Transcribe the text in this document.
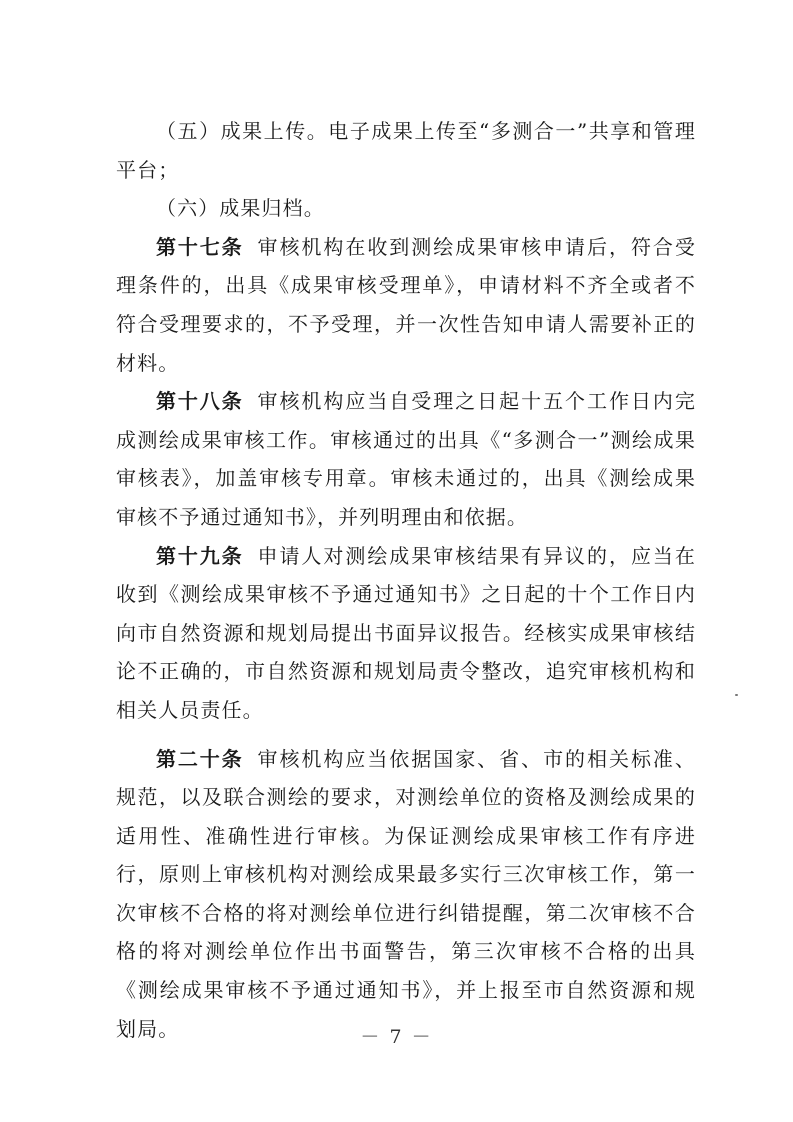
（五）成果上传。电子成果上传至“多测合一”共享和管理平台；

（六）成果归档。

第十七条 审核机构在收到测绘成果审核申请后，符合受理条件的，出具《成果审核受理单》，申请材料不齐全或者不符合受理要求的，不予受理，并一次性告知申请人需要补正的材料。

第十八条 审核机构应当自受理之日起十五个工作日内完成测绘成果审核工作。审核通过的出具《“多测合一”测绘成果审核表》，加盖审核专用章。审核未通过的，出具《测绘成果审核不予通过通知书》，并列明理由和依据。

第十九条 申请人对测绘成果审核结果有异议的，应当在收到《测绘成果审核不予通过通知书》之日起的十个工作日内向市自然资源和规划局提出书面异议报告。经核实成果审核结论不正确的，市自然资源和规划局责令整改，追究审核机构和相关人员责任。

第二十条 审核机构应当依据国家、省、市的相关标准、规范，以及联合测绘的要求，对测绘单位的资格及测绘成果的适用性、准确性进行审核。为保证测绘成果审核工作有序进行，原则上审核机构对测绘成果最多实行三次审核工作，第一次审核不合格的将对测绘单位进行纠错提醒，第二次审核不合格的将对测绘单位作出书面警告，第三次审核不合格的出具《测绘成果审核不予通过通知书》，并上报至市自然资源和规划局。	－ 7 －
